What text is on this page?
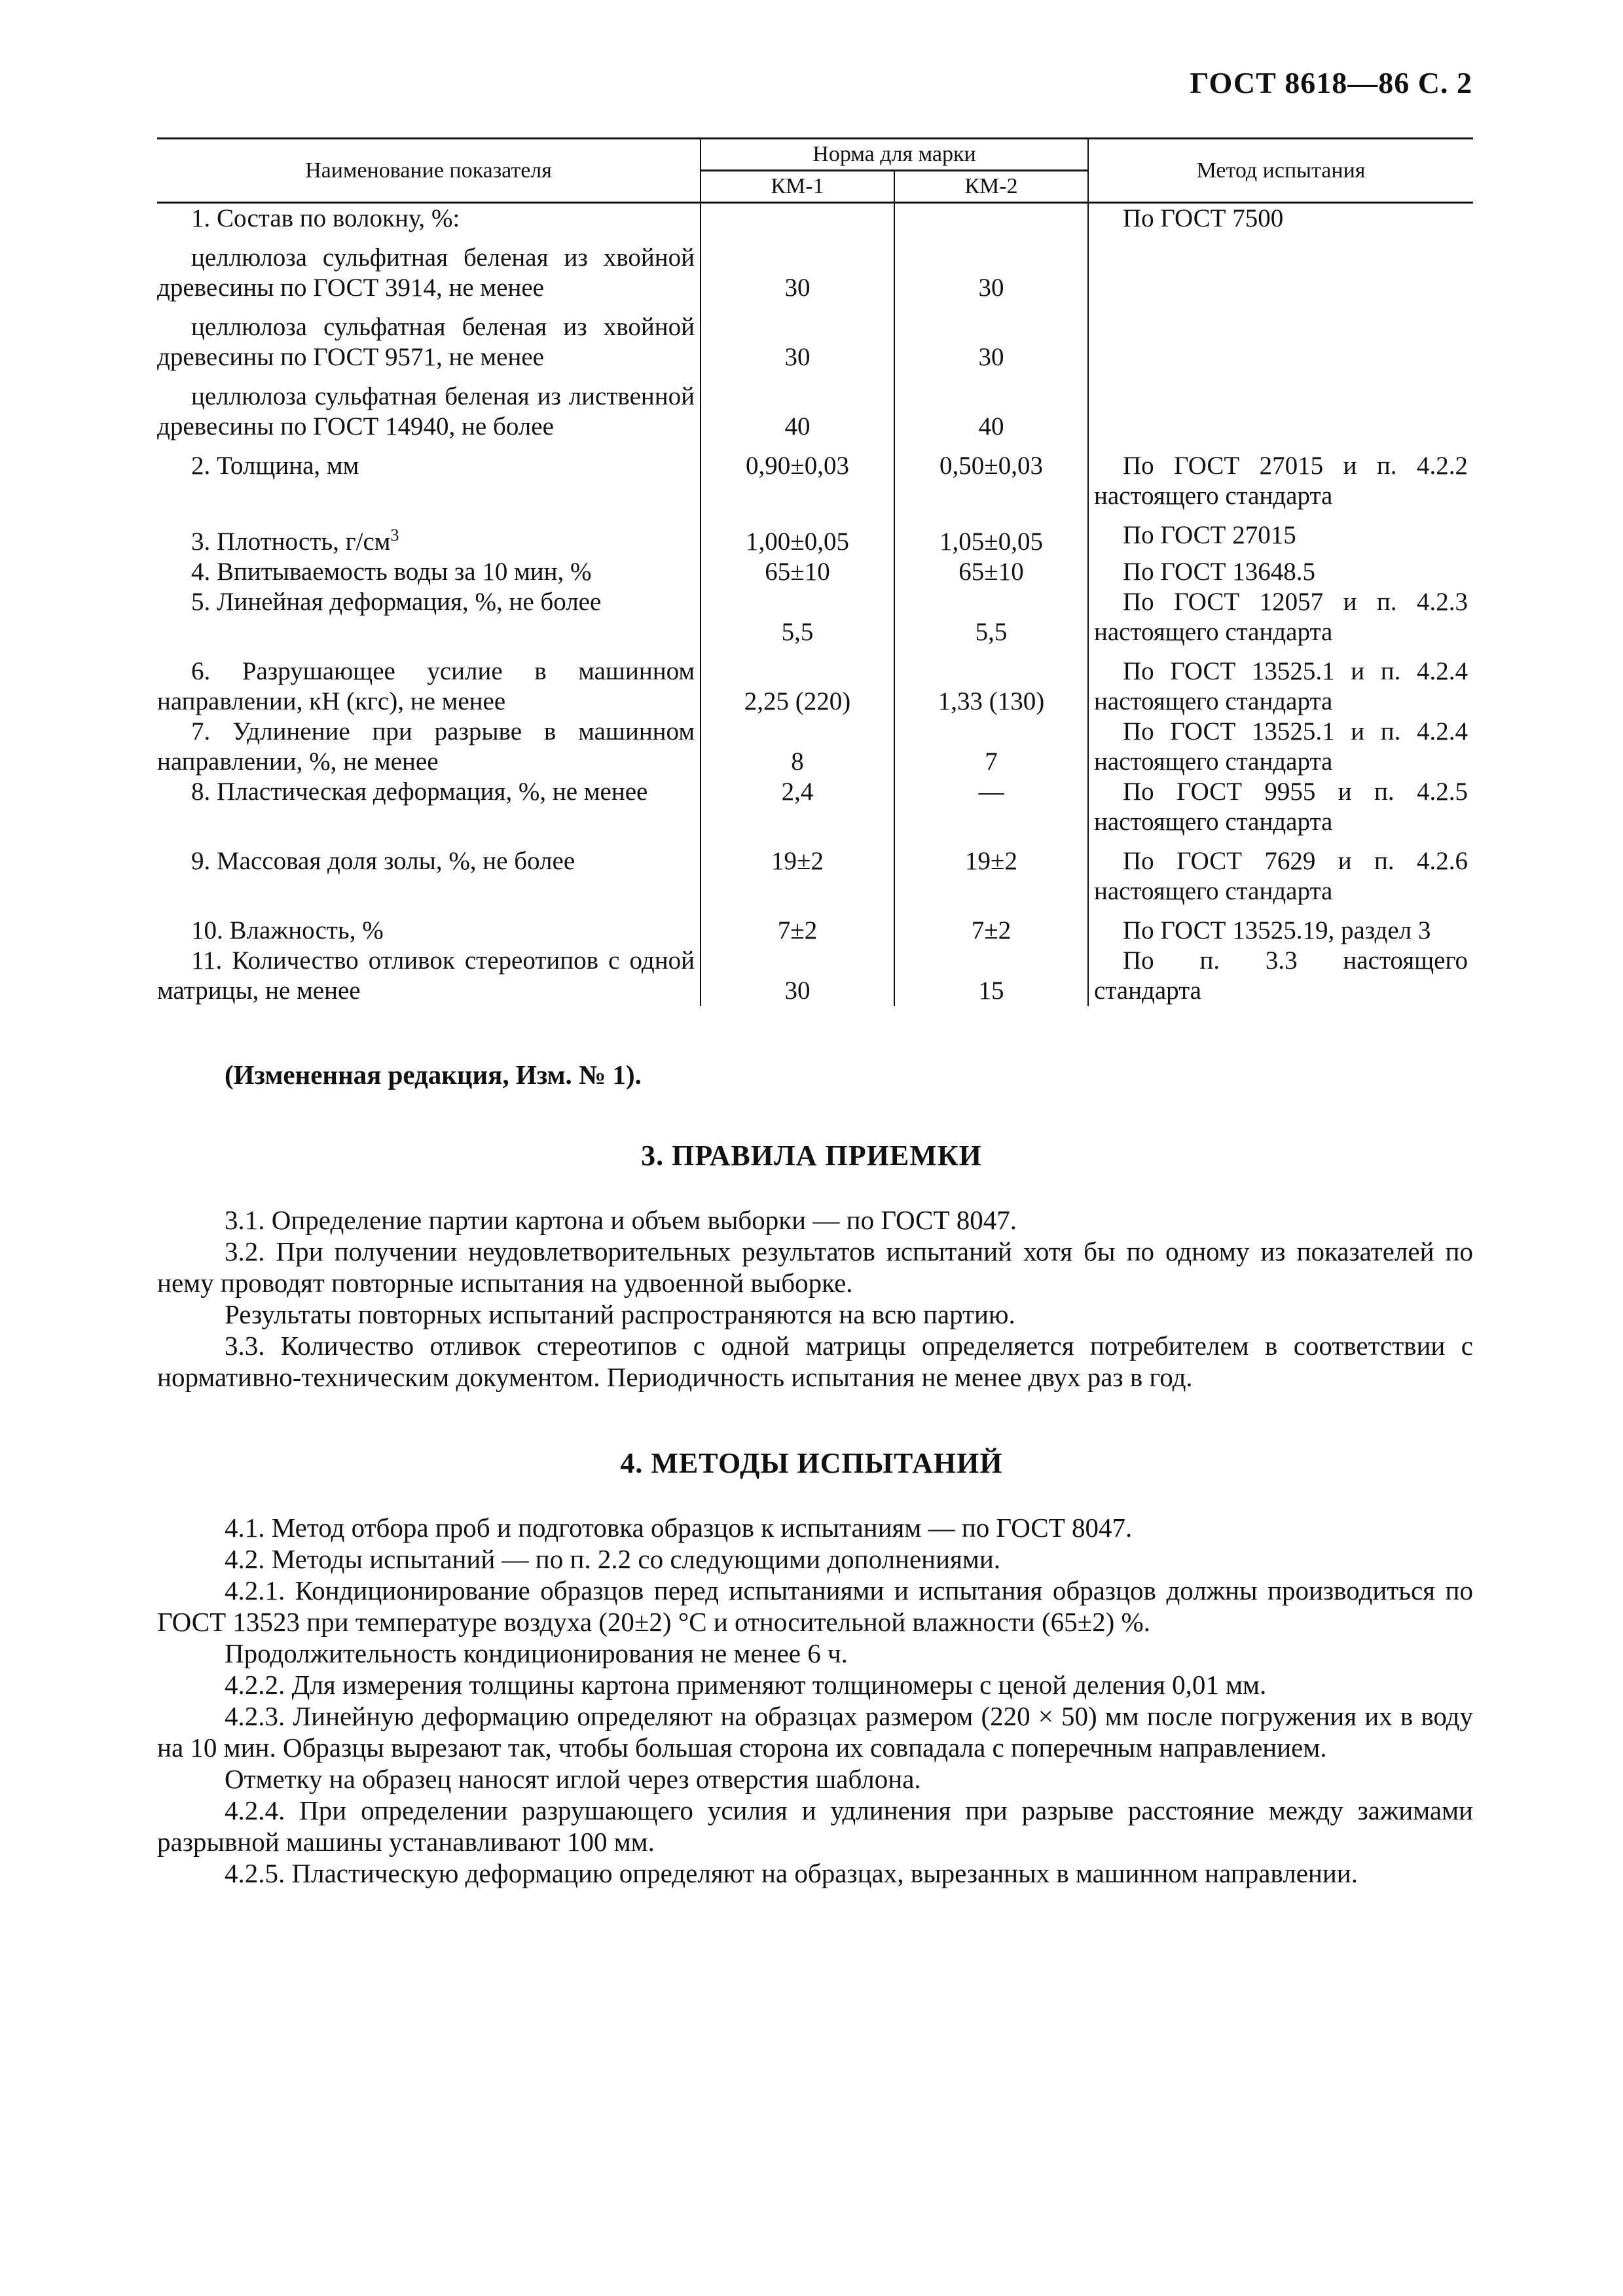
ГОСТ 8618—86 С. 2
Наименование показателя	Норма для марки		Метод испытания
	КМ-1	КМ-2	
1. Состав по волокну, %:			По ГОСТ 7500

целлюлоза сульфитная беленая из хвойной древесины по ГОСТ 3914, не менее	30	30	
целлюлоза сульфатная беленая из хвойной древесины по ГОСТ 9571, не менее	30	30	
целлюлоза сульфатная беленая из лиственной древесины по ГОСТ 14940, не более	40	40	
2. Толщина, мм	0,90±0,03	0,50±0,03	По ГОСТ 27015 и п. 4.2.2
настоящего стандарта

3. Плотность, $г/см^3$	1,00±0,05	1,05±0,05	По ГОСТ 27015

4. Впитываемость воды за 10 мин, %	65±10	65±10	По ГОСТ 13648.5

5. Линейная деформация, %, не более	5,5	5,5	По ГОСТ 12057 и п. 4.2.3
настоящего стандарта

6. Разрушающее усилие в машинном направлении, кН (кгс), не менее	2,25 (220)	1,33 (130)	По ГОСТ 13525.1 и п. 4.2.4
настоящего стандарта

7. Удлинение при разрыве в машинном направлении, %, не менее	8	7	По ГОСТ 13525.1 и п. 4.2.4
настоящего стандарта

8. Пластическая деформация, %, не менее	2,4	—	По ГОСТ 9955 и п. 4.2.5
настоящего стандарта

9. Массовая доля золы, %, не более	19±2	19±2	По ГОСТ 7629 и п. 4.2.6
настоящего стандарта

10. Влажность, %	7±2	7±2	По ГОСТ 13525.19, раздел 3

11. Количество отливок стереотипов с одной матрицы, не менее	30	15	По п. 3.3 настоящего
стандарта
(Измененная редакция, Изм. № 1).
3. ПРАВИЛА ПРИЕМКИ

3.1. Определение партии картона и объем выборки — по ГОСТ 8047.

3.2. При получении неудовлетворительных результатов испытаний хотя бы по одному из показателей по нему проводят повторные испытания на удвоенной выборке.

Результаты повторных испытаний распространяются на всю партию.

3.3. Количество отливок стереотипов с одной матрицы определяется потребителем в соответствии с нормативно-техническим документом. Периодичность испытания не менее двух раз в год.

4. МЕТОДЫ ИСПЫТАНИЙ

4.1. Метод отбора проб и подготовка образцов к испытаниям — по ГОСТ 8047.

4.2. Методы испытаний — по п. 2.2 со следующими дополнениями.

4.2.1. Кондиционирование образцов перед испытаниями и испытания образцов должны производиться по ГОСТ 13523 при температуре воздуха (20±2) °С и относительной влажности (65±2) %.

Продолжительность кондиционирования не менее 6 ч.

4.2.2. Для измерения толщины картона применяют толщиномеры с ценой деления 0,01 мм.

4.2.3. Линейную деформацию определяют на образцах размером (220 × 50) мм после погружения их в воду на 10 мин. Образцы вырезают так, чтобы большая сторона их совпадала с поперечным направлением.

Отметку на образец наносят иглой через отверстия шаблона.

4.2.4. При определении разрушающего усилия и удлинения при разрыве расстояние между зажимами разрывной машины устанавливают 100 мм.

4.2.5. Пластическую деформацию определяют на образцах, вырезанных в машинном направлении.
